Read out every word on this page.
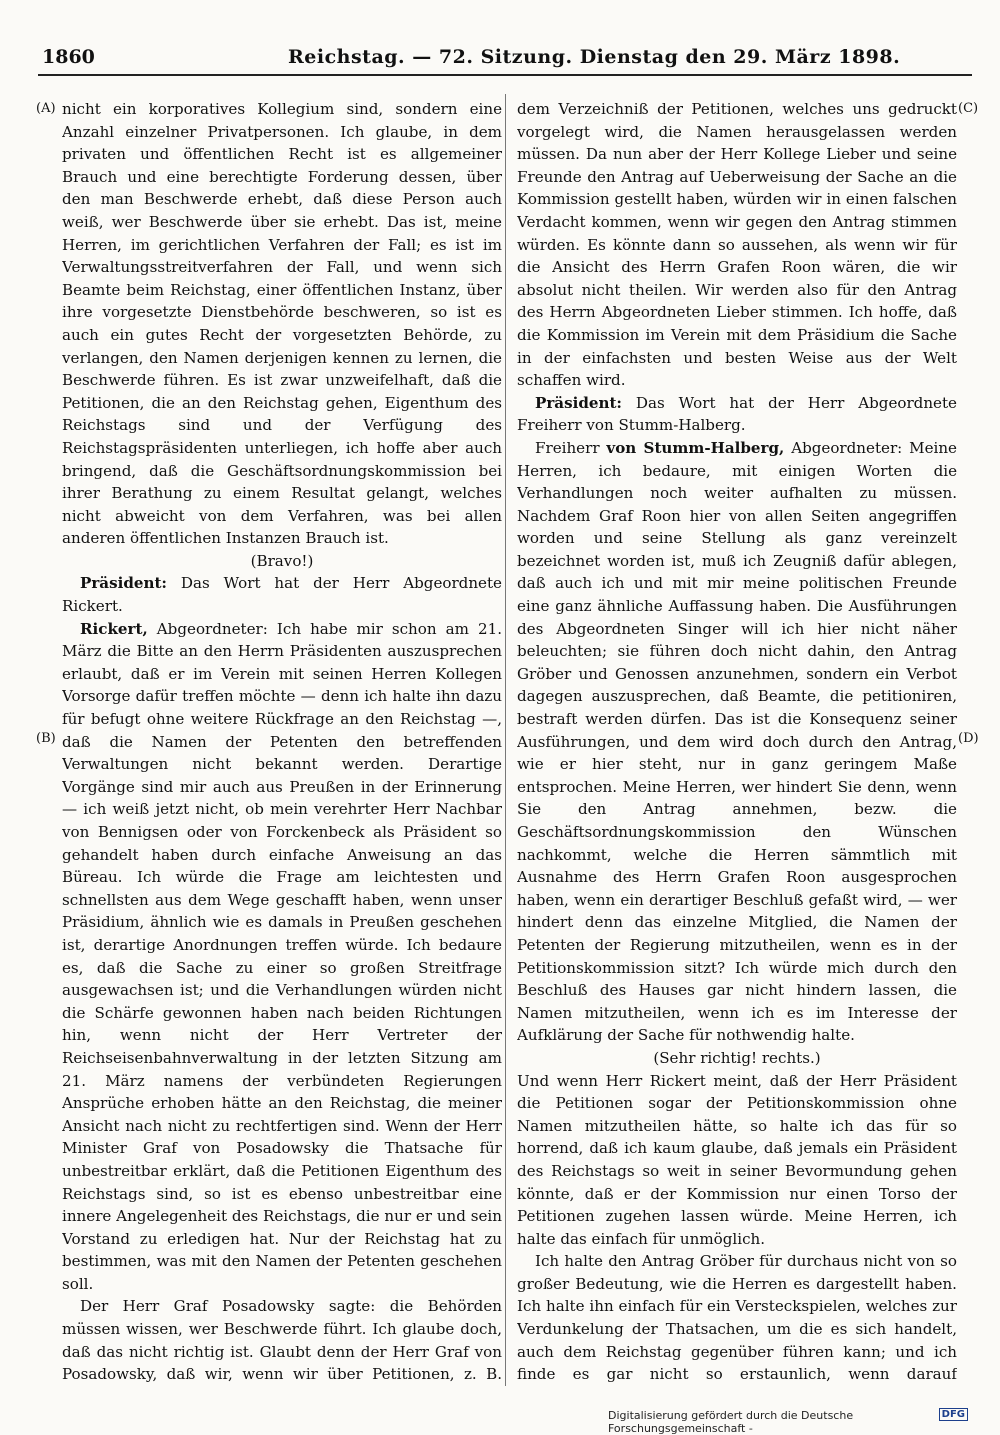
1860	Reichstag. — 72. Sitzung. Dienstag den 29. März 1898.
(A)
(B)
(C)
(D)

nicht ein korporatives Kollegium sind, sondern eine Anzahl einzelner Privatpersonen. Ich glaube, in dem privaten und öffentlichen Recht ist es allgemeiner Brauch und eine berechtigte Forderung dessen, über den man Beschwerde erhebt, daß diese Person auch weiß, wer Beschwerde über sie erhebt. Das ist, meine Herren, im gerichtlichen Verfahren der Fall; es ist im Verwaltungsstreitverfahren der Fall, und wenn sich Beamte beim Reichstag, einer öffentlichen Instanz, über ihre vorgesetzte Dienstbehörde beschweren, so ist es auch ein gutes Recht der vorgesetzten Behörde, zu verlangen, den Namen derjenigen kennen zu lernen, die Beschwerde führen. Es ist zwar unzweifelhaft, daß die Petitionen, die an den Reichstag gehen, Eigenthum des Reichstags sind und der Verfügung des Reichstagspräsidenten unterliegen, ich hoffe aber auch bringend, daß die Geschäftsordnungskommission bei ihrer Berathung zu einem Resultat gelangt, welches nicht abweicht von dem Verfahren, was bei allen anderen öffentlichen Instanzen Brauch ist.

(Bravo!)

Präsident: Das Wort hat der Herr Abgeordnete Rickert.

Rickert, Abgeordneter: Ich habe mir schon am 21. März die Bitte an den Herrn Präsidenten auszusprechen erlaubt, daß er im Verein mit seinen Herren Kollegen Vorsorge dafür treffen möchte — denn ich halte ihn dazu für befugt ohne weitere Rückfrage an den Reichstag —, daß die Namen der Petenten den betreffenden Verwaltungen nicht bekannt werden. Derartige Vorgänge sind mir auch aus Preußen in der Erinnerung — ich weiß jetzt nicht, ob mein verehrter Herr Nachbar von Bennigsen oder von Forckenbeck als Präsident so gehandelt haben durch einfache Anweisung an das Büreau. Ich würde die Frage am leichtesten und schnellsten aus dem Wege geschafft haben, wenn unser Präsidium, ähnlich wie es damals in Preußen geschehen ist, derartige Anordnungen treffen würde. Ich bedaure es, daß die Sache zu einer so großen Streitfrage ausgewachsen ist; und die Verhandlungen würden nicht die Schärfe gewonnen haben nach beiden Richtungen hin, wenn nicht der Herr Vertreter der Reichseisenbahnverwaltung in der letzten Sitzung am 21. März namens der verbündeten Regierungen Ansprüche erhoben hätte an den Reichstag, die meiner Ansicht nach nicht zu rechtfertigen sind. Wenn der Herr Minister Graf von Posadowsky die Thatsache für unbestreitbar erklärt, daß die Petitionen Eigenthum des Reichstags sind, so ist es ebenso unbestreitbar eine innere Angelegenheit des Reichstags, die nur er und sein Vorstand zu erledigen hat. Nur der Reichstag hat zu bestimmen, was mit den Namen der Petenten geschehen soll.

Der Herr Graf Posadowsky sagte: die Behörden müssen wissen, wer Beschwerde führt. Ich glaube doch, daß das nicht richtig ist. Glaubt denn der Herr Graf von Posadowsky, daß wir, wenn wir über Petitionen, z. B.

dem Verzeichniß der Petitionen, welches uns gedruckt vorgelegt wird, die Namen herausgelassen werden müssen. Da nun aber der Herr Kollege Lieber und seine Freunde den Antrag auf Ueberweisung der Sache an die Kommission gestellt haben, würden wir in einen falschen Verdacht kommen, wenn wir gegen den Antrag stimmen würden. Es könnte dann so aussehen, als wenn wir für die Ansicht des Herrn Grafen Roon wären, die wir absolut nicht theilen. Wir werden also für den Antrag des Herrn Abgeordneten Lieber stimmen. Ich hoffe, daß die Kommission im Verein mit dem Präsidium die Sache in der einfachsten und besten Weise aus der Welt schaffen wird.

Präsident: Das Wort hat der Herr Abgeordnete Freiherr von Stumm-Halberg.

Freiherr von Stumm-Halberg, Abgeordneter: Meine Herren, ich bedaure, mit einigen Worten die Verhandlungen noch weiter aufhalten zu müssen. Nachdem Graf Roon hier von allen Seiten angegriffen worden und seine Stellung als ganz vereinzelt bezeichnet worden ist, muß ich Zeugniß dafür ablegen, daß auch ich und mit mir meine politischen Freunde eine ganz ähnliche Auffassung haben. Die Ausführungen des Abgeordneten Singer will ich hier nicht näher beleuchten; sie führen doch nicht dahin, den Antrag Gröber und Genossen anzunehmen, sondern ein Verbot dagegen auszusprechen, daß Beamte, die petitioniren, bestraft werden dürfen. Das ist die Konsequenz seiner Ausführungen, und dem wird doch durch den Antrag, wie er hier steht, nur in ganz geringem Maße entsprochen. Meine Herren, wer hindert Sie denn, wenn Sie den Antrag annehmen, bezw. die Geschäftsordnungskommission den Wünschen nachkommt, welche die Herren sämmtlich mit Ausnahme des Herrn Grafen Roon ausgesprochen haben, wenn ein derartiger Beschluß gefaßt wird, — wer hindert denn das einzelne Mitglied, die Namen der Petenten der Regierung mitzutheilen, wenn es in der Petitionskommission sitzt? Ich würde mich durch den Beschluß des Hauses gar nicht hindern lassen, die Namen mitzutheilen, wenn ich es im Interesse der Aufklärung der Sache für nothwendig halte.

(Sehr richtig! rechts.)

Und wenn Herr Rickert meint, daß der Herr Präsident die Petitionen sogar der Petitionskommission ohne Namen mitzutheilen hätte, so halte ich das für so horrend, daß ich kaum glaube, daß jemals ein Präsident des Reichstags so weit in seiner Bevormundung gehen könnte, daß er der Kommission nur einen Torso der Petitionen zugehen lassen würde. Meine Herren, ich halte das einfach für unmöglich.

Ich halte den Antrag Gröber für durchaus nicht von so großer Bedeutung, wie die Herren es dargestellt haben. Ich halte ihn einfach für ein Versteckspielen, welches zur Verdunkelung der Thatsachen, um die es sich handelt, auch dem Reichstag gegenüber führen kann; und ich finde es gar nicht so erstaunlich, wenn darauf

Digitalisierung gefördert durch die Deutsche Forschungsgemeinschaft -
DFG
